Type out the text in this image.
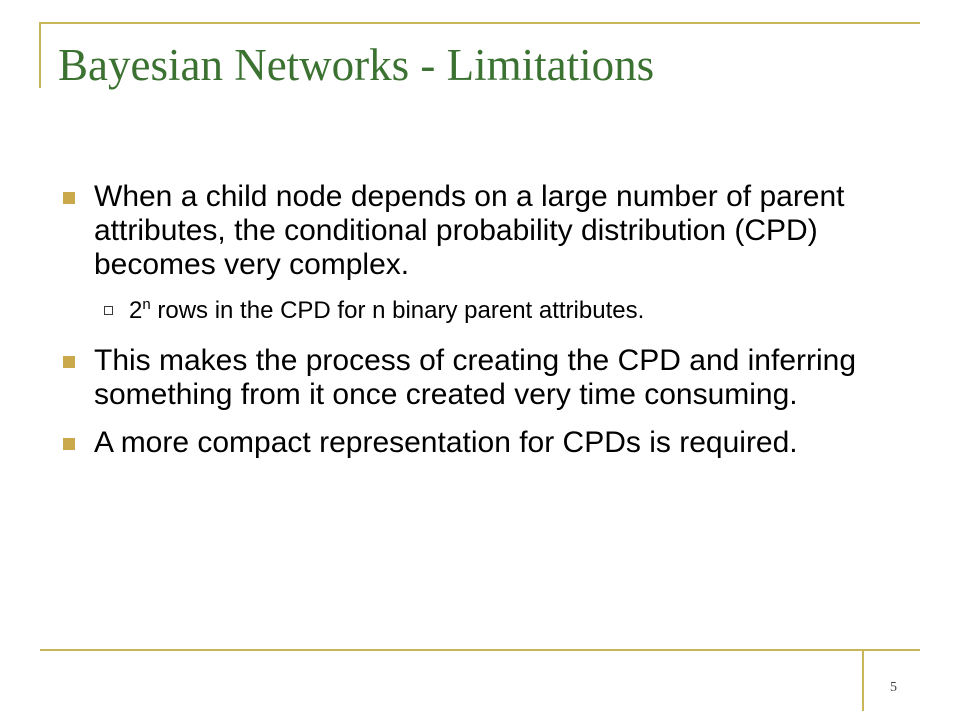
Bayesian Networks - Limitations
When a child node depends on a large number of parent attributes, the conditional probability distribution (CPD) becomes very complex.
2$^n$ rows in the CPD for n binary parent attributes.
This makes the process of creating the CPD and inferring something from it once created very time consuming.
A more compact representation for CPDs is required.
5
